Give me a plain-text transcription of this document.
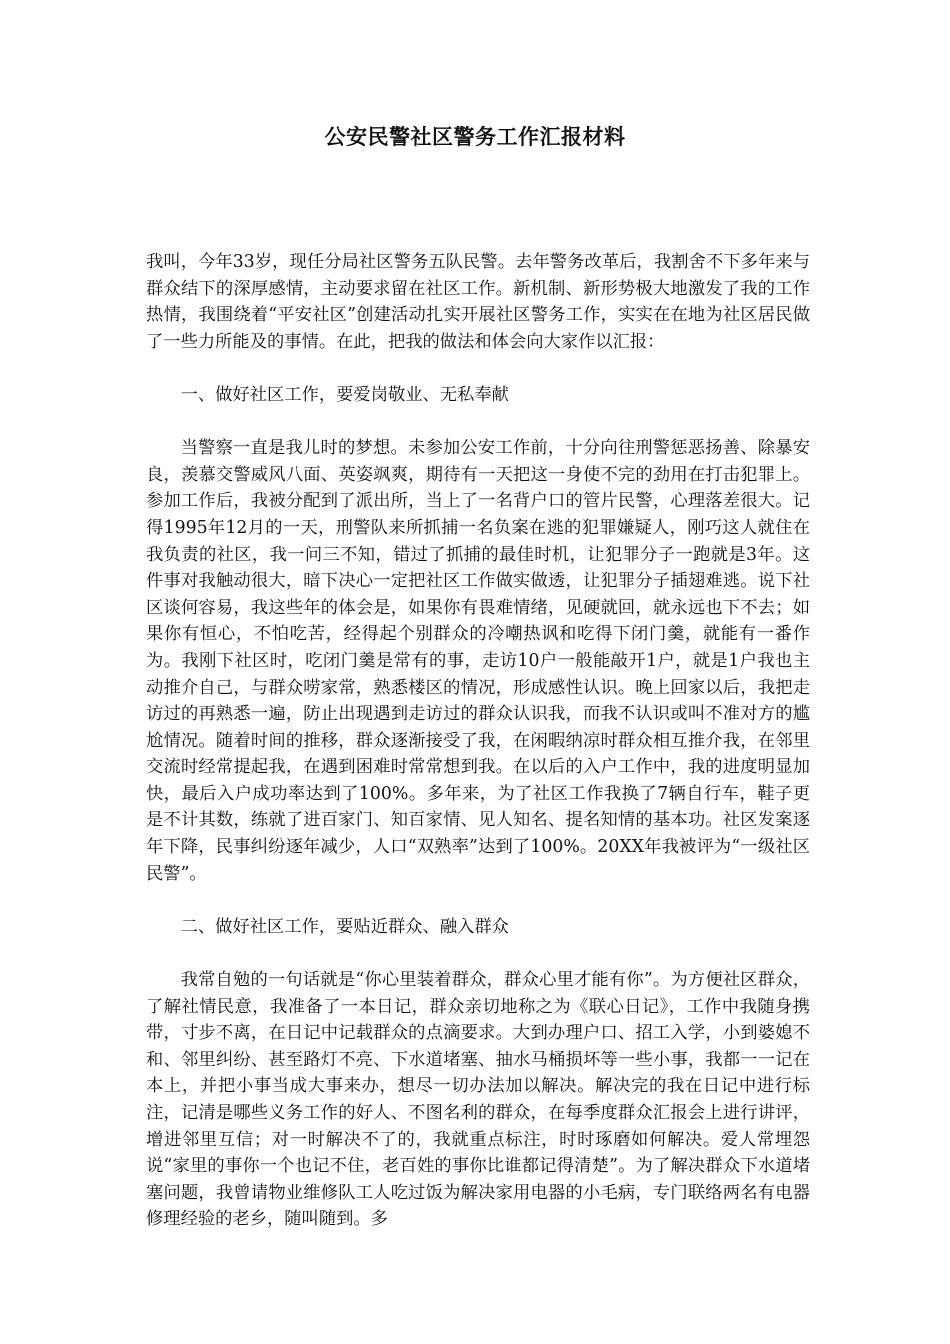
公安民警社区警务工作汇报材料

我叫，今年33岁，现任分局社区警务五队民警。去年警务改革后，我割舍不下多年来与群众结下的深厚感情，主动要求留在社区工作。新机制、新形势极大地激发了我的工作热情，我围绕着“平安社区”创建活动扎实开展社区警务工作，实实在在地为社区居民做了一些力所能及的事情。在此，把我的做法和体会向大家作以汇报：

一、做好社区工作，要爱岗敬业、无私奉献

当警察一直是我儿时的梦想。未参加公安工作前，十分向往刑警惩恶扬善、除暴安良，羡慕交警威风八面、英姿飒爽，期待有一天把这一身使不完的劲用在打击犯罪上。参加工作后，我被分配到了派出所，当上了一名背户口的管片民警，心理落差很大。记得1995年12月的一天，刑警队来所抓捕一名负案在逃的犯罪嫌疑人，刚巧这人就住在我负责的社区，我一问三不知，错过了抓捕的最佳时机，让犯罪分子一跑就是3年。这件事对我触动很大，暗下决心一定把社区工作做实做透，让犯罪分子插翅难逃。说下社区谈何容易，我这些年的体会是，如果你有畏难情绪，见硬就回，就永远也下不去；如果你有恒心，不怕吃苦，经得起个别群众的冷嘲热讽和吃得下闭门羹，就能有一番作为。我刚下社区时，吃闭门羹是常有的事，走访10户一般能敲开1户，就是1户我也主动推介自己，与群众唠家常，熟悉楼区的情况，形成感性认识。晚上回家以后，我把走访过的再熟悉一遍，防止出现遇到走访过的群众认识我，而我不认识或叫不准对方的尴尬情况。随着时间的推移，群众逐渐接受了我，在闲暇纳凉时群众相互推介我，在邻里交流时经常提起我，在遇到困难时常常想到我。在以后的入户工作中，我的进度明显加快，最后入户成功率达到了100%。多年来，为了社区工作我换了7辆自行车，鞋子更是不计其数，练就了进百家门、知百家情、见人知名、提名知情的基本功。社区发案逐年下降，民事纠纷逐年减少，人口“双熟率”达到了100%。20XX年我被评为“一级社区民警”。

二、做好社区工作，要贴近群众、融入群众

我常自勉的一句话就是“你心里装着群众，群众心里才能有你”。为方便社区群众，了解社情民意，我准备了一本日记，群众亲切地称之为《联心日记》，工作中我随身携带，寸步不离，在日记中记载群众的点滴要求。大到办理户口、招工入学，小到婆媳不和、邻里纠纷、甚至路灯不亮、下水道堵塞、抽水马桶损坏等一些小事，我都一一记在本上，并把小事当成大事来办，想尽一切办法加以解决。解决完的我在日记中进行标注，记清是哪些义务工作的好人、不图名利的群众，在每季度群众汇报会上进行讲评，增进邻里互信；对一时解决不了的，我就重点标注，时时琢磨如何解决。爱人常埋怨说“家里的事你一个也记不住，老百姓的事你比谁都记得清楚”。为了解决群众下水道堵塞问题，我曾请物业维修队工人吃过饭为解决家用电器的小毛病，专门联络两名有电器修理经验的老乡，随叫随到。多
